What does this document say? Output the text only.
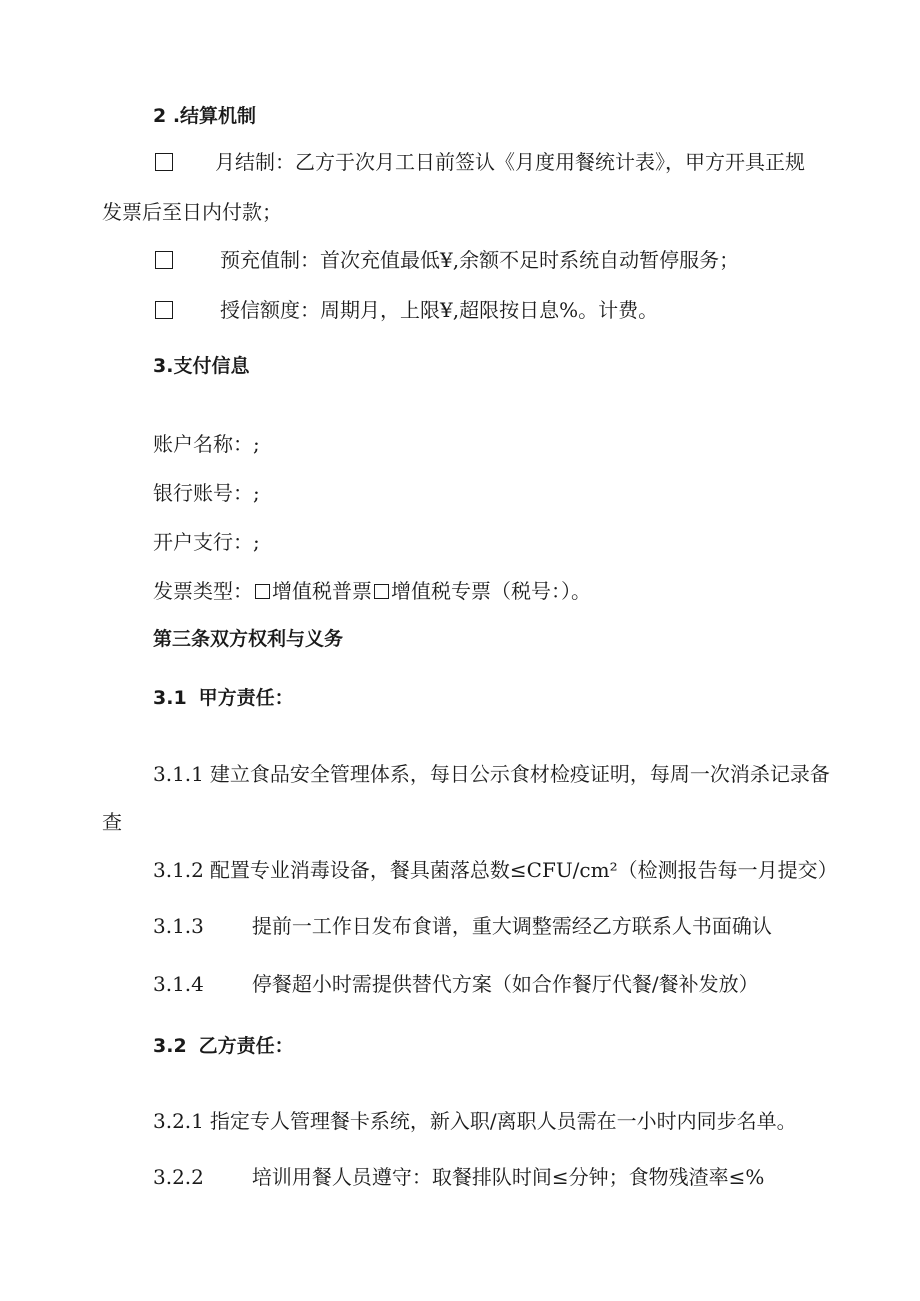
2 .结算机制
月结制：乙方于次月工日前签认《月度用餐统计表》，甲方开具正规
发票后至日内付款；
预充值制：首次充值最低¥,余额不足时系统自动暂停服务；
授信额度：周期月，上限¥,超限按日息%。计费。
3.支付信息
账户名称：;
银行账号：;
开户支行：;
发票类型： 增值税普票 增值税专票（税号：）。
第三条双方权利与义务
3.1 甲方责任：
3.1.1 建立食品安全管理体系，每日公示食材检疫证明，每周一次消杀记录备
查
3.1.2 配置专业消毒设备，餐具菌落总数≤CFU/cm²（检测报告每一月提交）
3.1.3 提前一工作日发布食谱，重大调整需经乙方联系人书面确认
3.1.4 停餐超小时需提供替代方案（如合作餐厅代餐/餐补发放）
3.2 乙方责任：
3.2.1 指定专人管理餐卡系统，新入职/离职人员需在一小时内同步名单。
3.2.2 培训用餐人员遵守：取餐排队时间≤分钟；食物残渣率≤%
